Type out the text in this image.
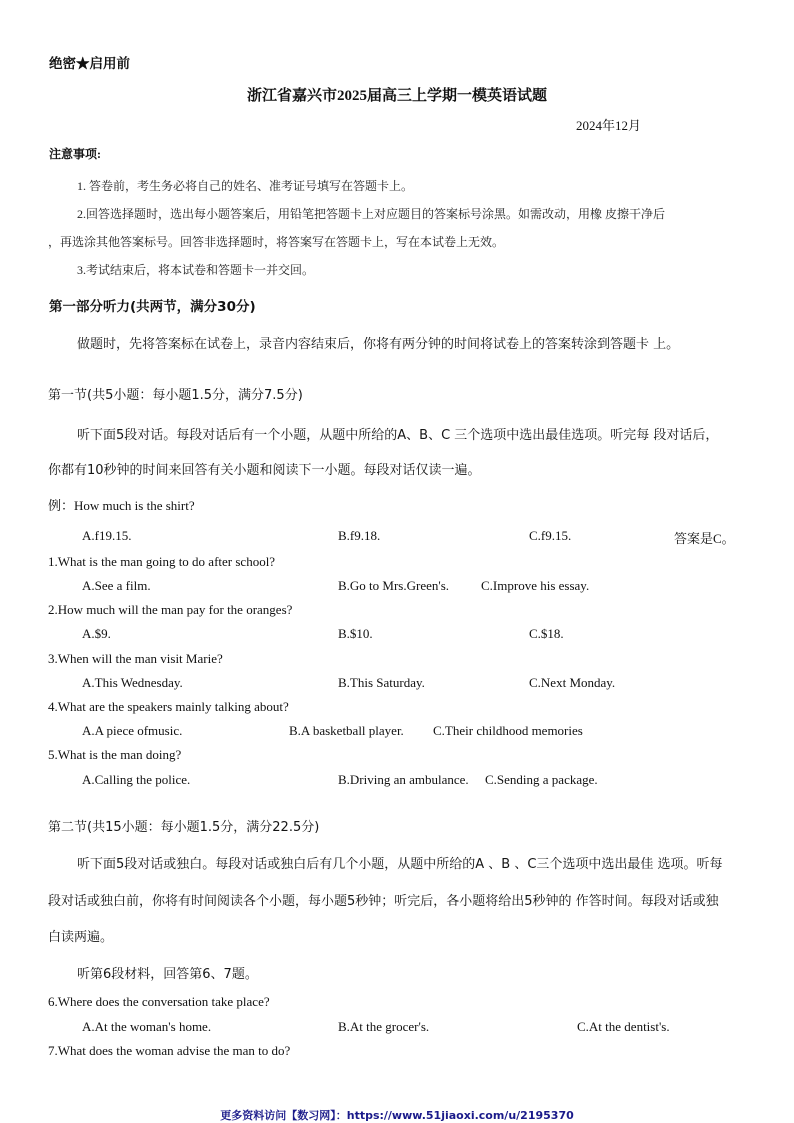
绝密★启用前
浙江省嘉兴市2025届高三上学期一模英语试题
2024年12月
注意事项:
1. 答卷前，考生务必将自己的姓名、准考证号填写在答题卡上。
2.回答选择题时，选出每小题答案后，用铅笔把答题卡上对应题目的答案标号涂黑。如需改动，用橡 皮擦干净后
，再选涂其他答案标号。回答非选择题时，将答案写在答题卡上，写在本试卷上无效。
3.考试结束后，将本试卷和答题卡一并交回。
第一部分听力(共两节，满分30分)
做题时，先将答案标在试卷上，录音内容结束后，你将有两分钟的时间将试卷上的答案转涂到答题卡 上。
第一节(共5小题：每小题1.5分，满分7.5分)
听下面5段对话。每段对话后有一个小题，从题中所给的A、B、C 三个选项中选出最佳选项。听完每 段对话后，
你都有10秒钟的时间来回答有关小题和阅读下一小题。每段对话仅读一遍。
例：How much is the shirt?
A.f19.15.	B.f9.18.	C.f9.15.	答案是C。
1.What is the man going to do after school?
A.See a film.	B.Go to Mrs.Green's. C.Improve his essay.
2.How much will the man pay for the oranges?
A.$9.	B.$10.	C.$18.
3.When will the man visit Marie?
A.This Wednesday.	B.This Saturday.	C.Next Monday.
4.What are the speakers mainly talking about?
A.A piece ofmusic.	B.A basketball player. C.Their childhood memories
5.What is the man doing?
A.Calling the police.	B.Driving an ambulance. C.Sending a package.
第二节(共15小题：每小题1.5分，满分22.5分)
听下面5段对话或独白。每段对话或独白后有几个小题，从题中所给的A 、B 、C三个选项中选出最佳 选项。听每
段对话或独白前，你将有时间阅读各个小题，每小题5秒钟；听完后，各小题将给出5秒钟的 作答时间。每段对话或独
白读两遍。
听第6段材料，回答第6、7题。
6.Where does the conversation take place?
A.At the woman's home.	B.At the grocer's.	C.At the dentist's.
7.What does the woman advise the man to do?
更多资料访问【数习网】：https://www.51jiaoxi.com/u/2195370
